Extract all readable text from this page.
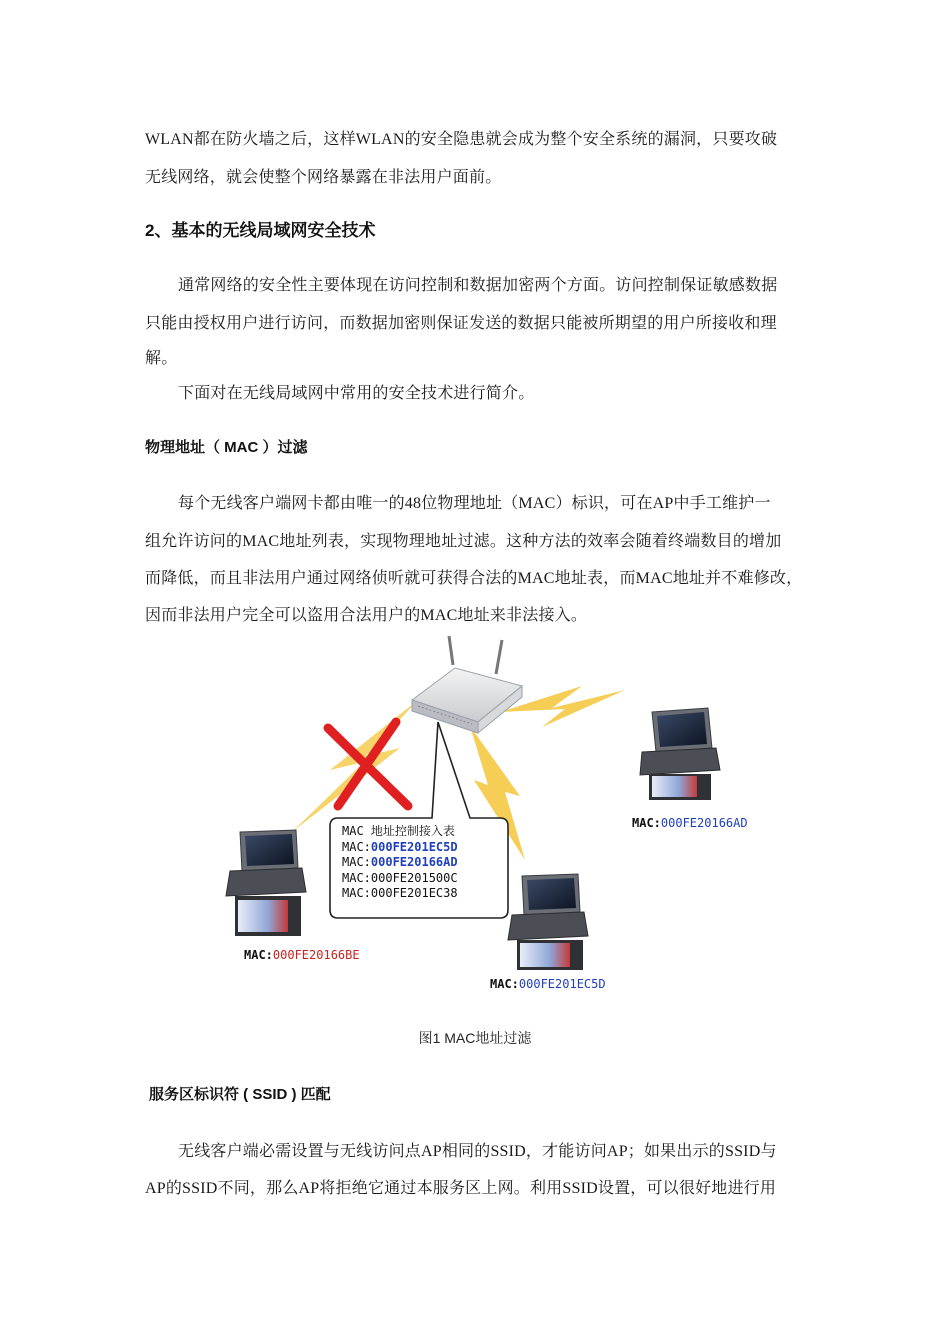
WLAN都在防火墙之后，这样WLAN的安全隐患就会成为整个安全系统的漏洞，只要攻破
无线网络，就会使整个网络暴露在非法用户面前。
2、基本的无线局域网安全技术
通常网络的安全性主要体现在访问控制和数据加密两个方面。访问控制保证敏感数据
只能由授权用户进行访问，而数据加密则保证发送的数据只能被所期望的用户所接收和理
解。
下面对在无线局域网中常用的安全技术进行简介。
物理地址（ MAC ）过滤
每个无线客户端网卡都由唯一的48位物理地址（MAC）标识，可在AP中手工维护一
组允许访问的MAC地址列表，实现物理地址过滤。这种方法的效率会随着终端数目的增加
而降低，而且非法用户通过网络侦听就可获得合法的MAC地址表，而MAC地址并不难修改，
因而非法用户完全可以盗用合法用户的MAC地址来非法接入。
MAC 地址控制接入表
MAC:000FE201EC5D
MAC:000FE20166AD
MAC:000FE201500C
MAC:000FE201EC38
MAC:000FE20166AD
MAC:000FE20166BE
MAC:000FE201EC5D
图1 MAC地址过滤
服务区标识符 ( SSID ) 匹配
无线客户端必需设置与无线访问点AP相同的SSID，才能访问AP；如果出示的SSID与
AP的SSID不同，那么AP将拒绝它通过本服务区上网。利用SSID设置，可以很好地进行用
